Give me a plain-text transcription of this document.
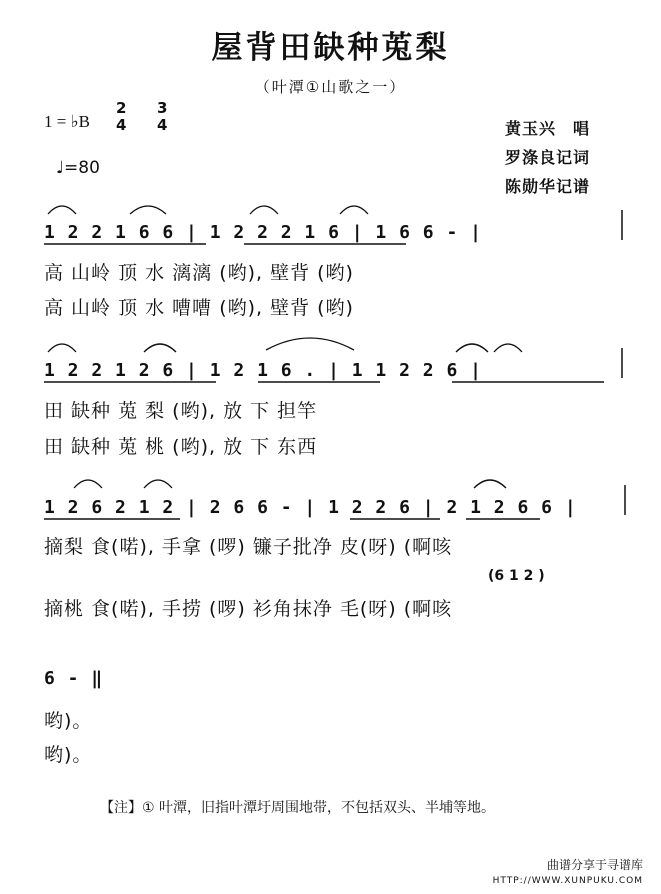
屋背田缺种莵梨
（叶潭①山歌之一）
1 = ♭B
2
4
3
4
♩=80
黄玉兴　唱
罗涤良记词
陈勋华记谱
1 2 2 1 6 6 | 1 2 2 2 1 6 | 1 6 6 - |
高 山岭 顶 水 漓漓 (哟), 壁背 (哟)
高 山岭 顶 水 嘈嘈 (哟), 壁背 (哟)
1 2 2 1 2 6 | 1 2 1 6 . | 1 1 2 2 6 |
田 缺种 莵 梨 (哟), 放 下 担竿
田 缺种 莵 桃 (哟), 放 下 东西
1 2 6 2 1 2 | 2 6 6 - | 1 2 2 6 | 2 1 2 6 6 |
摘梨 食(喏), 手拿 (啰) 镰子批净 皮(呀) (啊咳
(6 1 2 )
摘桃 食(喏), 手捞 (啰) 衫角抹净 毛(呀) (啊咳
6 - ‖
哟)。
哟)。
【注】① 叶潭，旧指叶潭圩周围地带，不包括双头、半埔等地。
曲谱分享于寻谱库
HTTP://WWW.XUNPUKU.COM
